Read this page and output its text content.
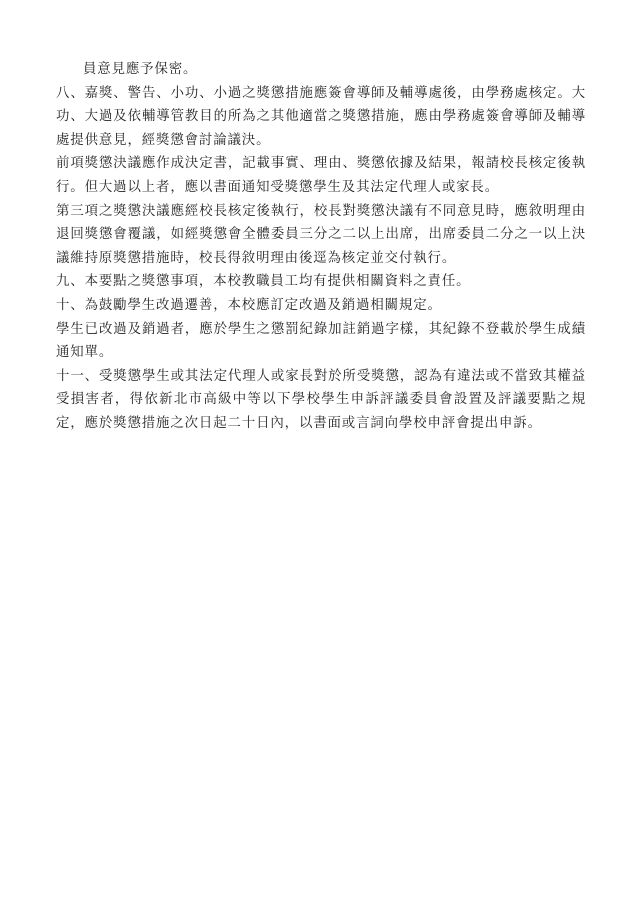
員意見應予保密。

八、嘉獎、警告、小功、小過之獎懲措施應簽會導師及輔導處後，由學務處核定。大功、大過及依輔導管教目的所為之其他適當之獎懲措施，應由學務處簽會導師及輔導處提供意見，經獎懲會討論議決。

前項獎懲決議應作成決定書，記載事實、理由、獎懲依據及結果，報請校長核定後執行。但大過以上者，應以書面通知受獎懲學生及其法定代理人或家長。

第三項之獎懲決議應經校長核定後執行，校長對獎懲決議有不同意見時，應敘明理由退回獎懲會覆議，如經獎懲會全體委員三分之二以上出席，出席委員二分之一以上決議維持原獎懲措施時，校長得敘明理由後逕為核定並交付執行。

九、本要點之獎懲事項，本校教職員工均有提供相關資料之責任。

十、為鼓勵學生改過遷善，本校應訂定改過及銷過相關規定。

學生已改過及銷過者，應於學生之懲罰紀錄加註銷過字樣，其紀錄不登載於學生成績通知單。

十一、受獎懲學生或其法定代理人或家長對於所受獎懲，認為有違法或不當致其權益受損害者，得依新北市高級中等以下學校學生申訴評議委員會設置及評議要點之規定，應於獎懲措施之次日起二十日內，以書面或言詞向學校申評會提出申訴。
